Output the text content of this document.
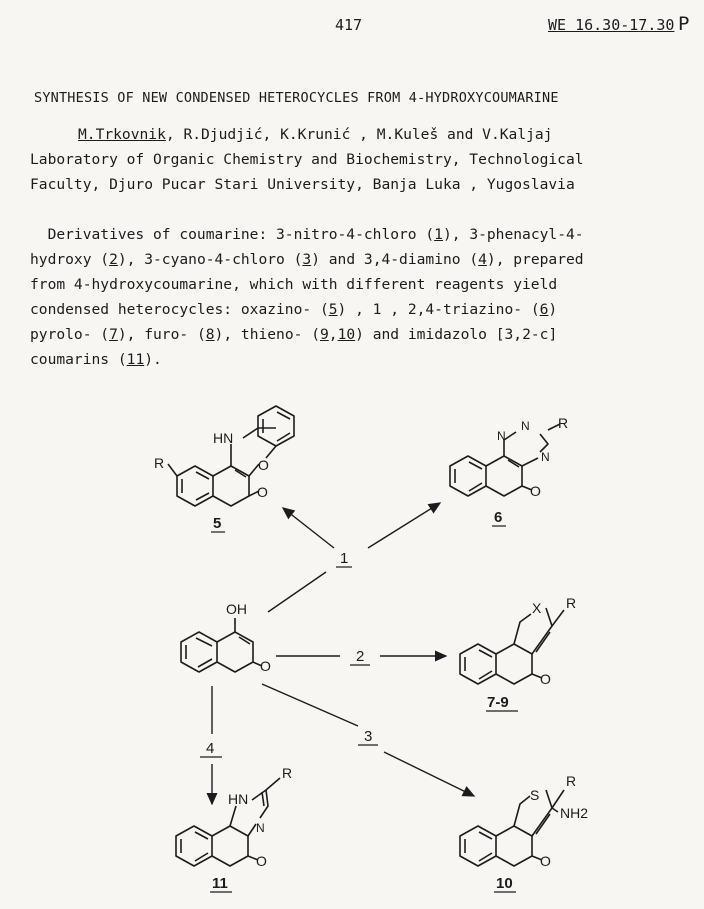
417	WE 16.30-17.30 P
SYNTHESIS OF NEW CONDENSED HETEROCYCLES FROM 4-HYDROXYCOUMARINE
M.Trkovnik, R.Djudjić, K.Krunić , M.Kuleš and V.Kaljaj
Laboratory of Organic Chemistry and Biochemistry, Technological
Faculty, Djuro Pucar Stari University, Banja Luka , Yugoslavia
Derivatives of coumarine: 3-nitro-4-chloro (1), 3-phenacyl-4-
hydroxy (2), 3-cyano-4-chloro (3) and 3,4-diamino (4), prepared
from 4-hydroxycoumarine, which with different reagents yield
condensed heterocycles: oxazino- (5) , 1 , 2,4-triazino- (6)
pyrolo- (7), furo- (8), thieno- (9,10) and imidazolo [3,2-c]
coumarins (11).
OH
O
HN
O
R
O
N
N
N
R
O
X R
O
HN
N
R
O
S
R
NH2
O
1
2
3
4
5	6
7-9
11	10
